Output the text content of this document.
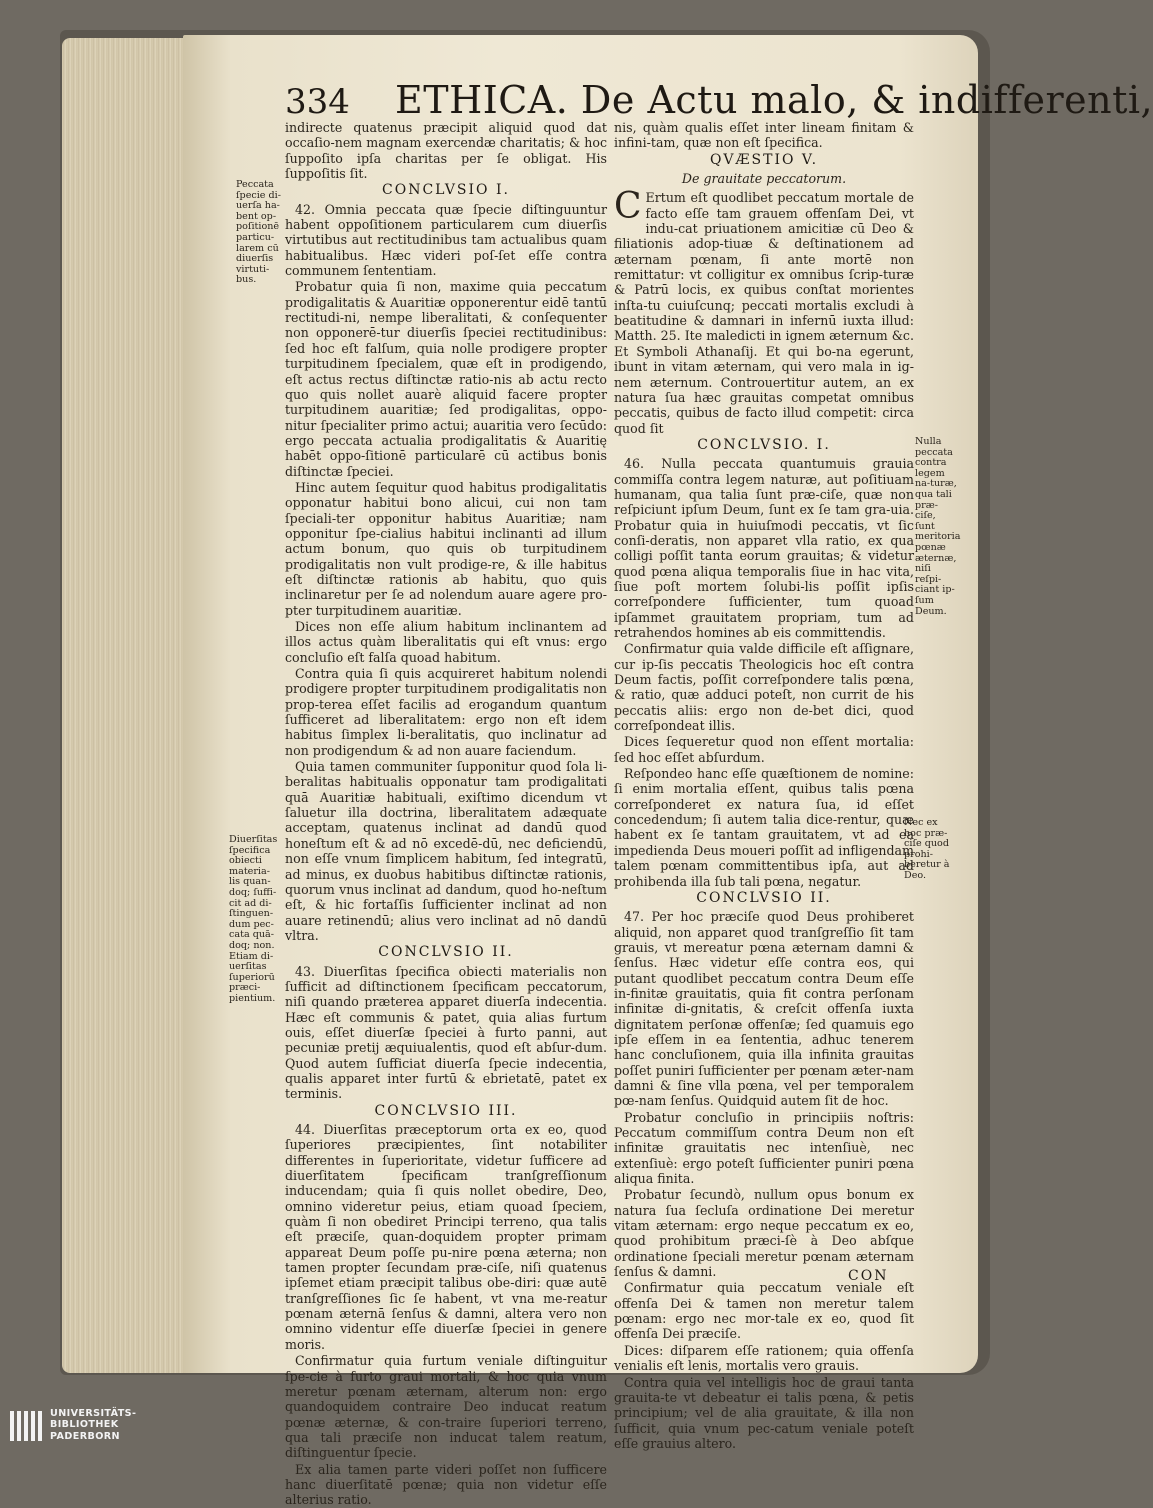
334 ETHICA. De Actu malo, & indifferenti,

indirecte quatenus præcipit aliquid quod dat occaſio-nem magnam exercendæ charitatis; & hoc ſuppoſito ipſa charitas per ſe obligat. His ſuppoſitis ſit.

CONCLVSIO I.

42. Omnia peccata quæ ſpecie diſtinguuntur habent oppoſitionem particularem cum diuerſis virtutibus aut rectitudinibus tam actualibus quam habitualibus. Hæc videri poſ-ſet eſſe contra communem ſententiam.

Probatur quia ſi non, maxime quia peccatum prodigalitatis & Auaritiæ opponerentur eidē tantū rectitudi-ni, nempe liberalitati, & conſequenter non opponerē-tur diuerſis ſpeciei rectitudinibus: ſed hoc eſt falſum, quia nolle prodigere propter turpitudinem ſpecialem, quæ eſt in prodigendo, eſt actus rectus diſtinctæ ratio-nis ab actu recto quo quis nollet auarè aliquid facere propter turpitudinem auaritiæ; ſed prodigalitas, oppo-nitur ſpecialiter primo actui; auaritia vero ſecūdo: ergo peccata actualia prodigalitatis & Auaritię habēt oppo-ſitionē particularē cū actibus bonis diſtinctæ ſpeciei.

Hinc autem ſequitur quod habitus prodigalitatis opponatur habitui bono alicui, cui non tam ſpeciali-ter opponitur habitus Auaritiæ; nam opponitur ſpe-cialius habitui inclinanti ad illum actum bonum, quo quis ob turpitudinem prodigalitatis non vult prodige-re, & ille habitus eſt diſtinctæ rationis ab habitu, quo quis inclinaretur per ſe ad nolendum auare agere pro-pter turpitudinem auaritiæ.

Dices non eſſe alium habitum inclinantem ad illos actus quàm liberalitatis qui eſt vnus: ergo concluſio eſt falſa quoad habitum.

Contra quia ſi quis acquireret habitum nolendi prodigere propter turpitudinem prodigalitatis non prop-terea eſſet facilis ad erogandum quantum ſufficeret ad liberalitatem: ergo non eſt idem habitus ſimplex li-beralitatis, quo inclinatur ad non prodigendum & ad non auare faciendum.

Quia tamen communiter ſupponitur quod ſola li-beralitas habitualis opponatur tam prodigalitati quā Auaritiæ habituali, exiſtimo dicendum vt ſaluetur illa doctrina, liberalitatem adæquate acceptam, quatenus inclinat ad dandū quod honeſtum eſt & ad nō excedē-dū, nec deficiendū, non eſſe vnum ſimplicem habitum, ſed integratū, ad minus, ex duobus habitibus diſtinctæ rationis, quorum vnus inclinat ad dandum, quod ho-neſtum eſt, & hic fortaſſis ſufficienter inclinat ad non auare retinendū; alius vero inclinat ad nō dandū vltra.

CONCLVSIO II.

43. Diuerſitas ſpecifica obiecti materialis non ſufficit ad diſtinctionem ſpecificam peccatorum, niſi quando præterea apparet diuerſa indecentia. Hæc eſt communis & patet, quia alias furtum ouis, eſſet diuerſæ ſpeciei à furto panni, aut pecuniæ pretij æquiualentis, quod eſt abſur-dum. Quod autem ſufficiat diuerſa ſpecie indecentia, qualis apparet inter furtū & ebrietatē, patet ex terminis.

CONCLVSIO III.

44. Diuerſitas præceptorum orta ex eo, quod ſuperiores præcipientes, ſint notabiliter differentes in ſuperioritate, videtur ſufficere ad diuerſitatem ſpecificam tranſgreſſionum inducendam; quia ſi quis nollet obedire, Deo, omnino videretur peius, etiam quoad ſpeciem, quàm ſi non obediret Principi terreno, qua talis eſt præciſe, quan-doquidem propter primam appareat Deum poſſe pu-nire pœna æterna; non tamen propter ſecundam præ-ciſe, niſi quatenus ipſemet etiam præcipit talibus obe-diri: quæ autē tranſgreſſiones ſic ſe habent, vt vna me-reatur pœnam æternā ſenſus & damni, altera vero non omnino videntur eſſe diuerſæ ſpeciei in genere moris.

Confirmatur quia furtum veniale diſtinguitur ſpe-cie à furto graui mortali, & hoc quia vnum meretur pœnam æternam, alterum non: ergo quandoquidem contraire Deo inducat reatum pœnæ æternæ, & con-traire ſuperiori terreno, qua tali præciſe non inducat talem reatum, diſtinguentur ſpecie.

Ex alia tamen parte videri poſſet non ſufficere hanc diuerſitatē pœnæ; quia non videtur eſſe alterius ratio.

nis, quàm qualis eſſet inter lineam finitam & infini-tam, quæ non eſt ſpecifica.

QVÆSTIO V.
De grauitate peccatorum.

C Ertum eſt quodlibet peccatum mortale de facto eſſe tam grauem offenſam Dei, vt indu-cat priuationem amicitiæ cū Deo & filiationis adop-tiuæ & deſtinationem ad æternam pœnam, ſi ante mortē non remittatur: vt colligitur ex omnibus ſcrip-turæ & Patrū locis, ex quibus conſtat morientes inſta-tu cuiuſcunq; peccati mortalis excludi à beatitudine & damnari in infernū iuxta illud: Matth. 25. Ite maledicti in ignem æternum &c. Et Symboli Athanaſij. Et qui bo-na egerunt, ibunt in vitam æternam, qui vero mala in ig-nem æternum. Controuertitur autem, an ex natura ſua hæc grauitas competat omnibus peccatis, quibus de facto illud competit: circa quod ſit

CONCLVSIO. I.

46. Nulla peccata quantumuis grauia commiſſa contra legem naturæ, aut poſitiuam humanam, qua talia ſunt præ-ciſe, quæ non reſpiciunt ipſum Deum, ſunt ex ſe tam gra-uia. Probatur quia in huiuſmodi peccatis, vt ſic conſi-deratis, non apparet vlla ratio, ex qua colligi poſſit tanta eorum grauitas; & videtur quod pœna aliqua temporalis ſiue in hac vita, ſiue poſt mortem ſolubi-lis poſſit ipſis correſpondere ſufficienter, tum quoad ipſammet grauitatem propriam, tum ad retrahendos homines ab eis committendis.

Confirmatur quia valde difficile eſt aſſignare, cur ip-ſis peccatis Theologicis hoc eſt contra Deum factis, poſſit correſpondere talis pœna, & ratio, quæ adduci poteſt, non currit de his peccatis aliis: ergo non de-bet dici, quod correſpondeat illis.

Dices ſequeretur quod non eſſent mortalia: ſed hoc eſſet abſurdum.

Reſpondeo hanc eſſe quæſtionem de nomine: ſi enim mortalia eſſent, quibus talis pœna correſponderet ex natura ſua, id eſſet concedendum; ſi autem talia dice-rentur, quæ habent ex ſe tantam grauitatem, vt ad ea impedienda Deus moueri poſſit ad infligendam talem pœnam committentibus ipſa, aut ad prohibenda illa ſub tali pœna, negatur.

CONCLVSIO II.

47. Per hoc præciſe quod Deus prohiberet aliquid, non apparet quod tranſgreſſio ſit tam grauis, vt mereatur pœna æternam damni & ſenſus. Hæc videtur eſſe contra eos, qui putant quodlibet peccatum contra Deum eſſe in-finitæ grauitatis, quia fit contra perſonam infinitæ di-gnitatis, & creſcit offenſa iuxta dignitatem perſonæ offenſæ; ſed quamuis ego ipſe eſſem in ea ſententia, adhuc tenerem hanc concluſionem, quia illa infinita grauitas poſſet puniri ſufficienter per pœnam æter-nam damni & ſine vlla pœna, vel per temporalem pœ-nam ſenſus. Quidquid autem ſit de hoc.

Probatur concluſio in principiis noſtris: Peccatum commiſſum contra Deum non eſt infinitæ grauitatis nec intenſiuè, nec extenſiuè: ergo poteſt ſufficienter puniri pœna aliqua finita.

Probatur ſecundò, nullum opus bonum ex natura ſua ſecluſa ordinatione Dei meretur vitam æternam: ergo neque peccatum ex eo, quod prohibitum præci-ſè à Deo abſque ordinatione ſpeciali meretur pœnam æternam ſenſus & damni.

Confirmatur quia peccatum veniale eſt offenſa Dei & tamen non meretur talem pœnam: ergo nec mor-tale ex eo, quod ſit offenſa Dei præciſe.

Dices: diſparem eſſe rationem; quia offenſa venialis eſt lenis, mortalis vero grauis.

Contra quia vel intelligis hoc de graui tanta grauita-te vt debeatur ei talis pœna, & petis principium; vel de alia grauitate, & illa non ſufficit, quia vnum pec-catum veniale poteſt eſſe grauius altero.

Peccata ſpecie di-uerſa ha-bent op-poſitionē particu-larem cū diuerſis virtuti-bus.
Diuerſitas ſpecifica obiecti materia-lis quan-doq; ſuffi-cit ad di-ſtinguen-dum pec-cata quā-doq; non. Etiam di-uerſitas ſuperiorū præci-pientium.
Nulla peccata contra legem na-turæ, qua tali præ-ciſe, ſunt meritoria pœnæ æternæ, niſi reſpi-ciant ip-ſum Deum.
Nec ex hoc præ-ciſe quod prohi-beretur à Deo.
CON
UNIVERSITÄTS-
BIBLIOTHEK
PADERBORN
